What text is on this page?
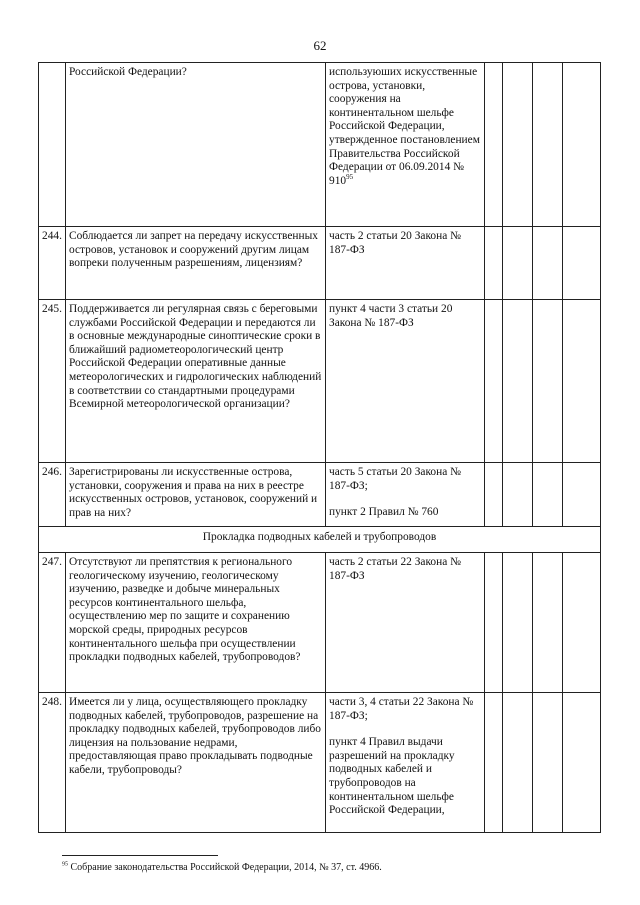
62
	Российской Федерации?	используюших искусственные острова, установки, сооружения на континентальном шельфе Российской Федерации, утвержденное постановлением Правительства Российской Федерации от 06.09.2014 № $910^{95}$				
244.	Соблюдается ли запрет на передачу искусственных островов, установок и сооружений другим лицам вопреки полученным разрешениям, лицензиям?	часть 2 статьи 20 Закона № 187-ФЗ				
245.	Поддерживается ли регулярная связь с береговыми службами Российской Федерации и передаются ли в основные международные синоптические сроки в ближайший радиометеорологический центр Российской Федерации оперативные данные метеорологических и гидрологических наблюдений в соответствии со стандартными процедурами Всемирной метеорологической организации?	пункт 4 части 3 статьи 20 Закона № 187-ФЗ				
246.	Зарегистрированы ли искусственные острова, установки, сооружения и права на них в реестре искусственных островов, установок, сооружений и прав на них?	часть 5 статьи 20 Закона № 187-ФЗ;
пункт 2 Правил № 760				

Прокладка подводных кабелей и трубопроводов						
247.	Отсутствуют ли препятствия к регионального геологическому изучению, геологическому изучению, разведке и добыче минеральных ресурсов континентального шельфа, осуществлению мер по защите и сохранению морской среды, природных ресурсов континентального шельфа при осуществлении прокладки подводных кабелей, трубопроводов?	часть 2 статьи 22 Закона № 187-ФЗ				
248.	Имеется ли у лица, осуществляющего прокладку подводных кабелей, трубопроводов, разрешение на прокладку подводных кабелей, трубопроводов либо лицензия на пользование недрами, предоставляющая право прокладывать подводные кабели, трубопроводы?	части 3, 4 статьи 22 Закона № 187-ФЗ;
пункт 4 Правил выдачи разрешений на прокладку подводных кабелей и трубопроводов на континентальном шельфе Российской Федерации,				

$^{95}$ Собрание законодательства Российской Федерации, 2014, № 37, ст. 4966.
